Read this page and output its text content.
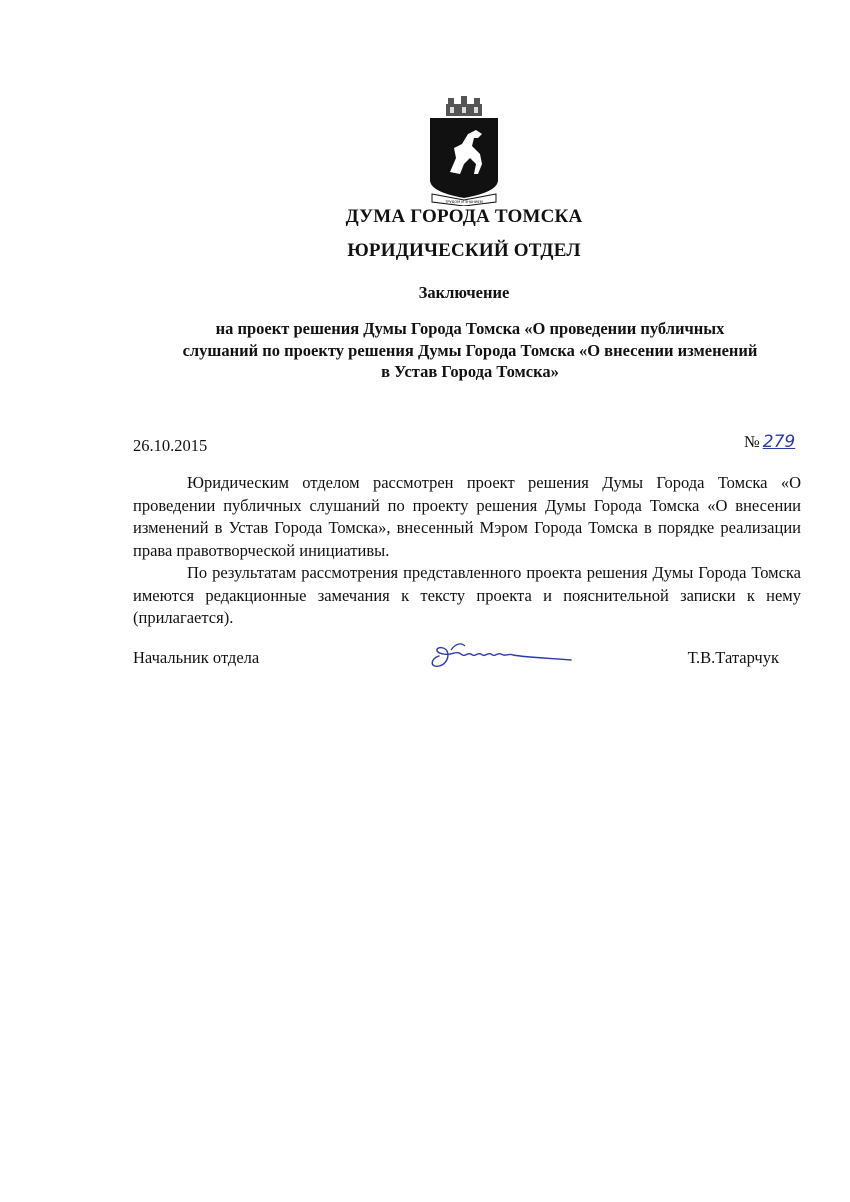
ТРУДОМ И ЗНАНИЕМ
ДУМА ГОРОДА ТОМСКА
ЮРИДИЧЕСКИЙ ОТДЕЛ
Заключение
на проект решения Думы Города Томска «О проведении публичных
слушаний по проекту решения Думы Города Томска «О внесении изменений
в Устав Города Томска»
26.10.2015	№ 279

Юридическим отделом рассмотрен проект решения Думы Города Томска «О проведении публичных слушаний по проекту решения Думы Города Томска «О внесении изменений в Устав Города Томска», внесенный Мэром Города Томска в порядке реализации права правотворческой инициативы.

По результатам рассмотрения представленного проекта решения Думы Города Томска имеются редакционные замечания к тексту проекта и пояснительной записки к нему (прилагается).

Начальник отдела	Т.В.Татарчук
